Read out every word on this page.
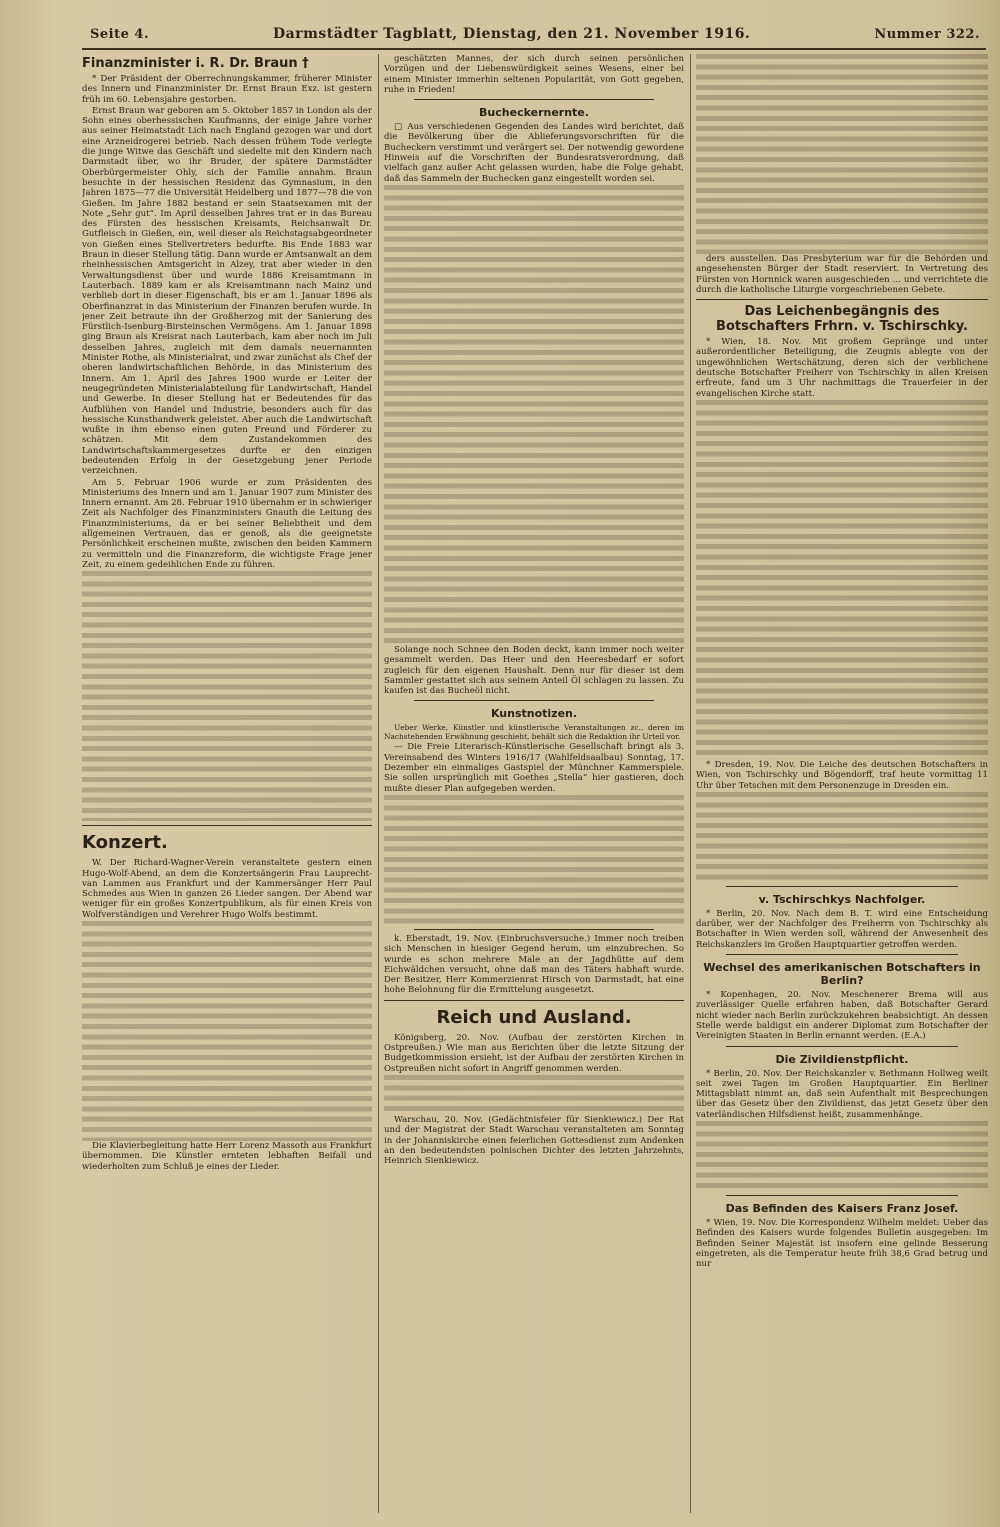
Seite 4.	Darmstädter Tagblatt, Dienstag, den 21. November 1916.	Nummer 322.
Finanzminister i. R. Dr. Braun †

* Der Präsident der Oberrechnungskammer, früherer Minister des Innern und Finanzminister Dr. Ernst Braun Exz. ist gestern früh im 60. Lebensjahre gestorben.

Ernst Braun war geboren am 5. Oktober 1857 in London als der Sohn eines oberhessischen Kaufmanns, der einige Jahre vorher aus seiner Heimatstadt Lich nach England gezogen war und dort eine Arzneidrogerei betrieb. Nach dessen frühem Tode verlegte die junge Witwe das Geschäft und siedelte mit den Kindern nach Darmstadt über, wo ihr Bruder, der spätere Darmstädter Oberbürgermeister Ohly, sich der Familie annahm. Braun besuchte in der hessischen Residenz das Gymnasium, in den Jahren 1875—77 die Universität Heidelberg und 1877—78 die von Gießen. Im Jahre 1882 bestand er sein Staatsexamen mit der Note „Sehr gut“. Im April desselben Jahres trat er in das Bureau des Fürsten des hessischen Kreisamts, Reichsanwalt Dr. Gutfleisch in Gießen, ein, weil dieser als Reichstagsabgeordneter von Gießen eines Stellvertreters bedurfte. Bis Ende 1883 war Braun in dieser Stellung tätig. Dann wurde er Amtsanwalt an dem rheinhessischen Amtsgericht in Alzey, trat aber wieder in den Verwaltungsdienst über und wurde 1886 Kreisamtmann in Lauterbach. 1889 kam er als Kreisamtmann nach Mainz und verblieb dort in dieser Eigenschaft, bis er am 1. Januar 1896 als Oberfinanzrat in das Ministerium der Finanzen berufen wurde. In jener Zeit betraute ihn der Großherzog mit der Sanierung des Fürstlich-Isenburg-Birsteinschen Vermögens. Am 1. Januar 1898 ging Braun als Kreisrat nach Lauterbach, kam aber noch im Juli desselben Jahres, zugleich mit dem damals neuernannten Minister Rothe, als Ministerialrat, und zwar zunächst als Chef der oberen landwirtschaftlichen Behörde, in das Ministerium des Innern. Am 1. April des Jahres 1900 wurde er Leiter der neugegründeten Ministerialabteilung für Landwirtschaft, Handel und Gewerbe. In dieser Stellung hat er Bedeutendes für das Aufblühen von Handel und Industrie, besonders auch für das hessische Kunsthandwerk geleistet. Aber auch die Landwirtschaft wußte in ihm ebenso einen guten Freund und Förderer zu schätzen. Mit dem Zustandekommen des Landwirtschaftskammergesetzes durfte er den einzigen bedeutenden Erfolg in der Gesetzgebung jener Periode verzeichnen.

Am 5. Februar 1906 wurde er zum Präsidenten des Ministeriums des Innern und am 1. Januar 1907 zum Minister des Innern ernannt. Am 28. Februar 1910 übernahm er in schwieriger Zeit als Nachfolger des Finanzministers Gnauth die Leitung des Finanzministeriums, da er bei seiner Beliebtheit und dem allgemeinen Vertrauen, das er genoß, als die geeignetste Persönlichkeit erscheinen mußte, zwischen den beiden Kammern zu vermitteln und die Finanzreform, die wichtigste Frage jener Zeit, zu einem gedeihlichen Ende zu führen.

Konzert.

W. Der Richard-Wagner-Verein veranstaltete gestern einen Hugo-Wolf-Abend, an dem die Konzertsängerin Frau Lauprecht-van Lammen aus Frankfurt und der Kammersänger Herr Paul Schmedes aus Wien in ganzen 26 Lieder sangen. Der Abend war weniger für ein großes Konzertpublikum, als für einen Kreis von Wolfverständigen und Verehrer Hugo Wolfs bestimmt.

Die Klavierbegleitung hatte Herr Lorenz Massoth aus Frankfurt übernommen. Die Künstler ernteten lebhaften Beifall und wiederholten zum Schluß je eines der Lieder.

geschätzten Mannes, der sich durch seinen persönlichen Vorzügen und der Liebenswürdigkeit seines Wesens, einer bei einem Minister immerhin seltenen Popularität, von Gott gegeben, ruhe in Frieden!

Bucheckernernte.

□ Aus verschiedenen Gegenden des Landes wird berichtet, daß die Bevölkerung über die Ablieferungsvorschriften für die Bucheckern verstimmt und verärgert sei. Der notwendig gewordene Hinweis auf die Vorschriften der Bundesratsverordnung, daß vielfach ganz außer Acht gelassen wurden, habe die Folge gehabt, daß das Sammeln der Buchecken ganz eingestellt worden sei.

Solange noch Schnee den Boden deckt, kann immer noch weiter gesammelt werden. Das Heer und den Heeresbedarf er sofort zugleich für den eigenen Haushalt. Denn nur für dieser ist dem Sammler gestattet sich aus seinem Anteil Öl schlagen zu lassen. Zu kaufen ist das Bucheöl nicht.

Kunstnotizen.

Ueber Werke, Künstler und künstlerische Veranstaltungen zc., deren im Nachstehenden Erwähnung geschieht, behält sich die Redaktion ihr Urteil vor.

— Die Freie Literarisch-Künstlerische Gesellschaft bringt als 3. Vereinsabend des Winters 1916/17 (Wahlfeldsaalbau) Sonntag, 17. Dezember ein einmaliges Gastspiel der Münchner Kammerspiele. Sie sollen ursprünglich mit Goethes „Stella“ hier gastieren, doch mußte dieser Plan aufgegeben werden.

k. Eberstadt, 19. Nov. (Einbruchsversuche.) Immer noch treiben sich Menschen in hiesiger Gegend herum, um einzubrechen. So wurde es schon mehrere Male an der Jagdhütte auf dem Eichwäldchen versucht, ohne daß man des Täters habhaft wurde. Der Besitzer, Herr Kommerzienrat Hirsch von Darmstadt, hat eine hohe Belohnung für die Ermittelung ausgesetzt.

Reich und Ausland.

Königsberg, 20. Nov. (Aufbau der zerstörten Kirchen in Ostpreußen.) Wie man aus Berichten über die letzte Sitzung der Budgetkommission ersieht, ist der Aufbau der zerstörten Kirchen in Ostpreußen nicht sofort in Angriff genommen werden.

Warschau, 20. Nov. (Gedächtnisfeier für Sienkiewicz.) Der Rat und der Magistrat der Stadt Warschau veranstalteten am Sonntag in der Johanniskirche einen feierlichen Gottesdienst zum Andenken an den bedeutendsten polnischen Dichter des letzten Jahrzehnts, Heinrich Sienkiewicz.

ders ausstellen. Das Presbyterium war für die Behörden und angesehensten Bürger der Stadt reserviert. In Vertretung des Fürsten von Hornnick waren ausgeschieden ... und verrichtete die durch die katholische Liturgie vorgeschriebenen Gebete.

Das Leichenbegängnis des Botschafters Frhrn. v. Tschirschky.

* Wien, 18. Nov. Mit großem Gepränge und unter außerordentlicher Beteiligung, die Zeugnis ablegte von der ungewöhnlichen Wertschätzung, deren sich der verblichene deutsche Botschafter Freiherr von Tschirschky in allen Kreisen erfreute, fand um 3 Uhr nachmittags die Trauerfeier in der evangelischen Kirche statt.

* Dresden, 19. Nov. Die Leiche des deutschen Botschafters in Wien, von Tschirschky und Bögendorff, traf heute vormittag 11 Uhr über Tetschen mit dem Personenzuge in Dresden ein.

v. Tschirschkys Nachfolger.

* Berlin, 20. Nov. Nach dem B. T. wird eine Entscheidung darüber, wer der Nachfolger des Freiherrn von Tschirschky als Botschafter in Wien werden soll, während der Anwesenheit des Reichskanzlers im Großen Hauptquartier getroffen werden.

Wechsel des amerikanischen Botschafters in Berlin?

* Kopenhagen, 20. Nov. Meschenerer Brema will aus zuverlässiger Quelle erfahren haben, daß Botschafter Gerard nicht wieder nach Berlin zurückzukehren beabsichtigt. An dessen Stelle werde baldigst ein anderer Diplomat zum Botschafter der Vereinigten Staaten in Berlin ernannt werden. (E.A.)

Die Zivildienstpflicht.

* Berlin, 20. Nov. Der Reichskanzler v. Bethmann Hollweg weilt seit zwei Tagen im Großen Hauptquartier. Ein Berliner Mittagsblatt nimmt an, daß sein Aufenthalt mit Besprechungen über das Gesetz über den Zivildienst, das jetzt Gesetz über den vaterländischen Hilfsdienst heißt, zusammenhänge.

Das Befinden des Kaisers Franz Josef.

* Wien, 19. Nov. Die Korrespondenz Wilhelm meldet: Ueber das Befinden des Kaisers wurde folgendes Bulletin ausgegeben: Im Befinden Seiner Majestät ist insofern eine gelinde Besserung eingetreten, als die Temperatur heute früh 38,6 Grad betrug und nur
